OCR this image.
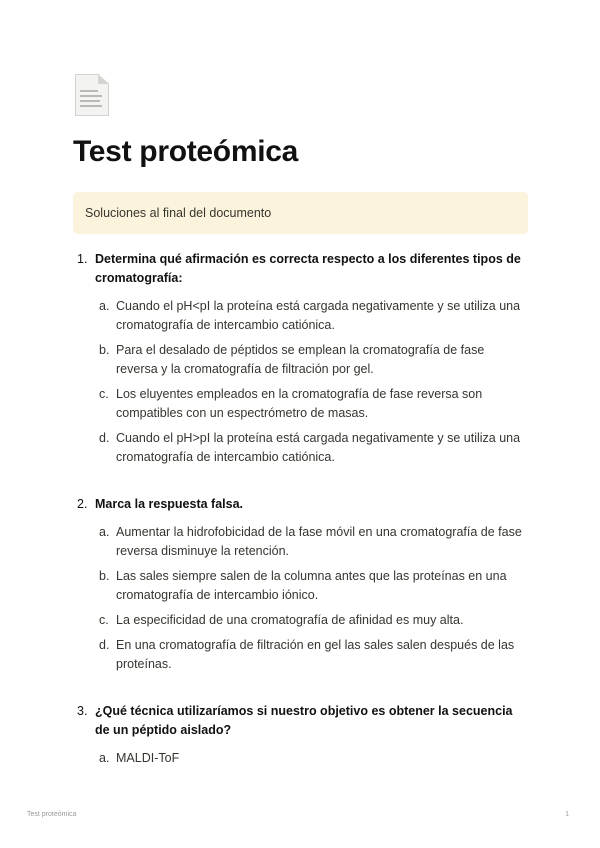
Test proteómica
Soluciones al final del documento
1. Determina qué afirmación es correcta respecto a los diferentes tipos de cromatografía:
a. Cuando el pH<pI la proteína está cargada negativamente y se utiliza una cromatografía de intercambio catiónica.
b. Para el desalado de péptidos se emplean la cromatografía de fase reversa y la cromatografía de filtración por gel.
c. Los eluyentes empleados en la cromatografía de fase reversa son compatibles con un espectrómetro de masas.
d. Cuando el pH>pI la proteína está cargada negativamente y se utiliza una cromatografía de intercambio catiónica.
2. Marca la respuesta falsa.
a. Aumentar la hidrofobicidad de la fase móvil en una cromatografía de fase reversa disminuye la retención.
b. Las sales siempre salen de la columna antes que las proteínas en una cromatografía de intercambio iónico.
c. La especificidad de una cromatografía de afinidad es muy alta.
d. En una cromatografía de filtración en gel las sales salen después de las proteínas.
3. ¿Qué técnica utilizaríamos si nuestro objetivo es obtener la secuencia de un péptido aislado?
a. MALDI-ToF
Test proteómica	1
